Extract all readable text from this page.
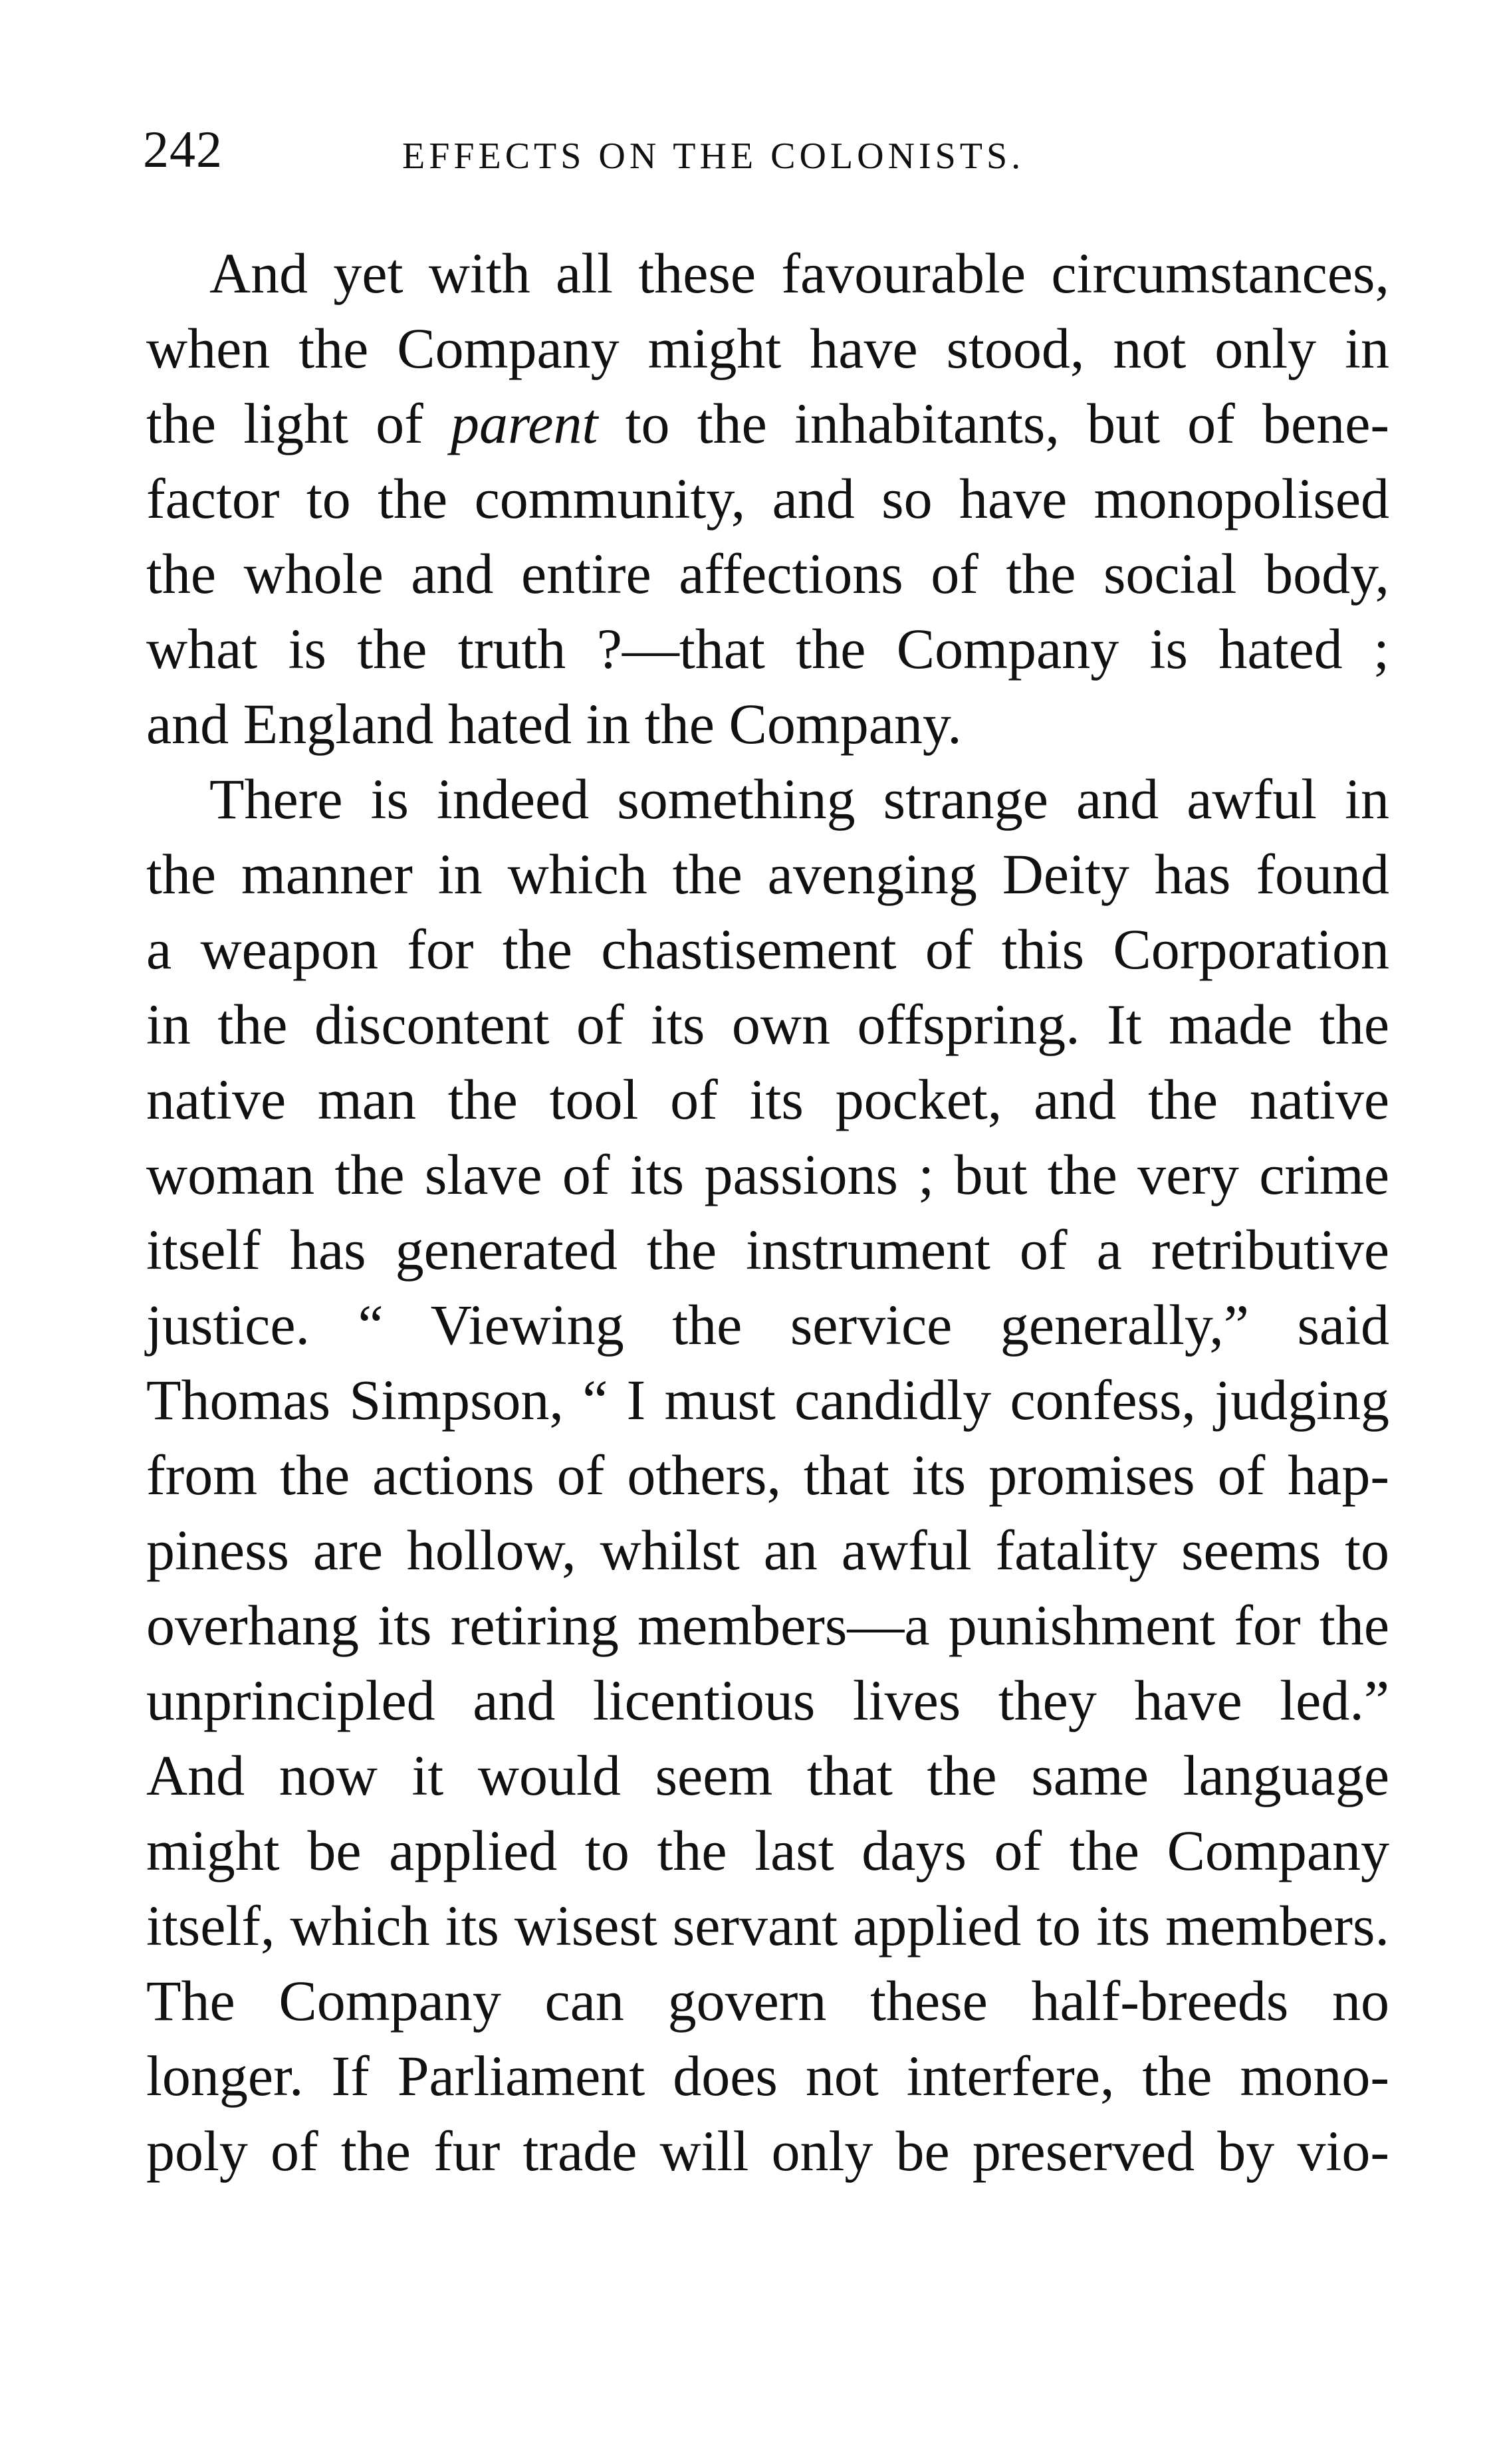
242	EFFECTS ON THE COLONISTS.
And yet with all these favourable circumstances,
when the Company might have stood, not only in
the light of parent to the inhabitants, but of bene-
factor to the community, and so have monopolised
the whole and entire affections of the social body,
what is the truth ?—that the Company is hated ;
and England hated in the Company.
There is indeed something strange and awful in
the manner in which the avenging Deity has found
a weapon for the chastisement of this Corporation
in the discontent of its own offspring. It made the
native man the tool of its pocket, and the native
woman the slave of its passions ; but the very crime
itself has generated the instrument of a retributive
justice. “ Viewing the service generally,” said
Thomas Simpson, “ I must candidly confess, judging
from the actions of others, that its promises of hap-
piness are hollow, whilst an awful fatality seems to
overhang its retiring members—a punishment for the
unprincipled and licentious lives they have led.”
And now it would seem that the same language
might be applied to the last days of the Company
itself, which its wisest servant applied to its members.
The Company can govern these half-breeds no
longer. If Parliament does not interfere, the mono-
poly of the fur trade will only be preserved by vio-
